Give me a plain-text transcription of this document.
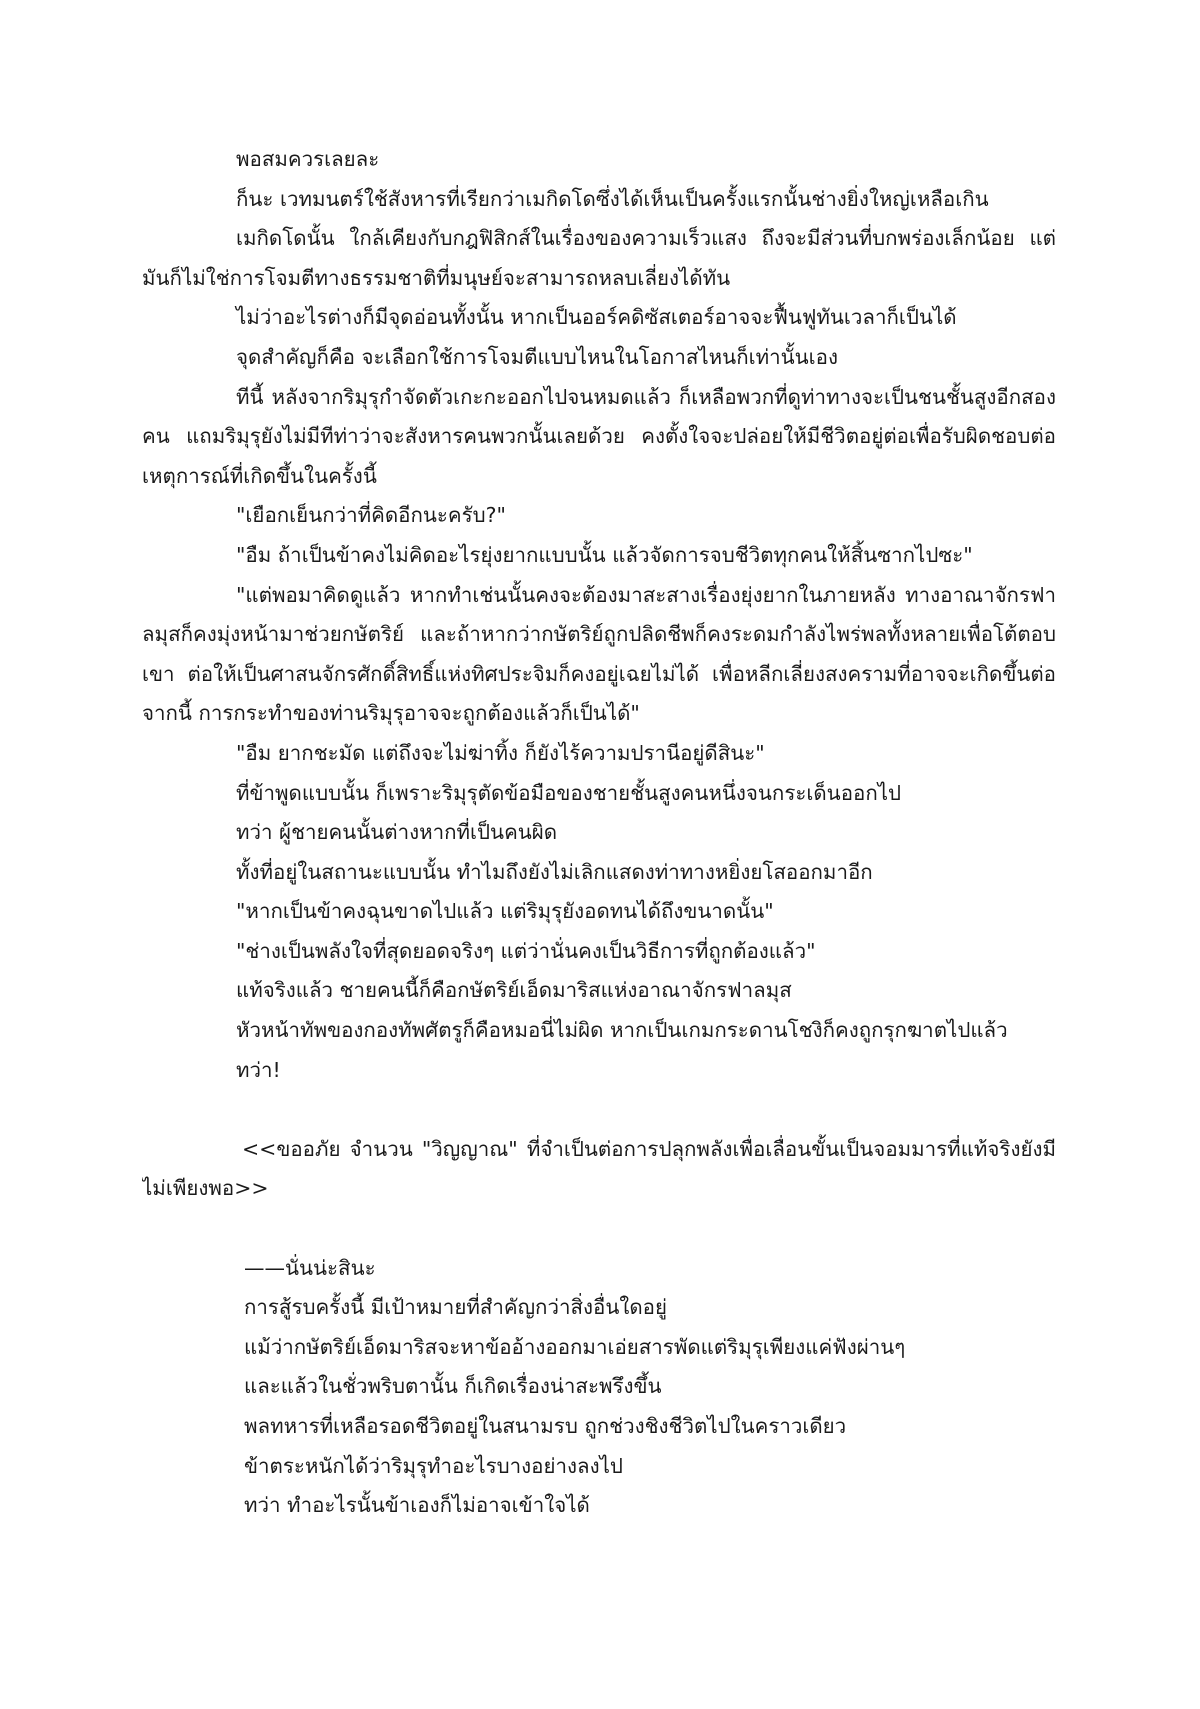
พอสมควรเลยละ

ก็นะ เวทมนตร์ใช้สังหารที่เรียกว่าเมกิดโดซึ่งได้เห็นเป็นครั้งแรกนั้นช่างยิ่งใหญ่เหลือเกิน

เมกิดโดนั้น ใกล้เคียงกับกฎฟิสิกส์ในเรื่องของความเร็วแสง ถึงจะมีส่วนที่บกพร่องเล็กน้อย แต่มันก็ไม่ใช่การโจมตีทางธรรมชาติที่มนุษย์จะสามารถหลบเลี่ยงได้ทัน

ไม่ว่าอะไรต่างก็มีจุดอ่อนทั้งนั้น หากเป็นออร์คดิซัสเตอร์อาจจะฟื้นฟูทันเวลาก็เป็นได้

จุดสำคัญก็คือ จะเลือกใช้การโจมตีแบบไหนในโอกาสไหนก็เท่านั้นเอง

ทีนี้ หลังจากริมุรุกำจัดตัวเกะกะออกไปจนหมดแล้ว ก็เหลือพวกที่ดูท่าทางจะเป็นชนชั้นสูงอีกสองคน แถมริมุรุยังไม่มีทีท่าว่าจะสังหารคนพวกนั้นเลยด้วย คงตั้งใจจะปล่อยให้มีชีวิตอยู่ต่อเพื่อรับผิดชอบต่อเหตุการณ์ที่เกิดขึ้นในครั้งนี้

"เยือกเย็นกว่าที่คิดอีกนะครับ?"

"อืม ถ้าเป็นข้าคงไม่คิดอะไรยุ่งยากแบบนั้น แล้วจัดการจบชีวิตทุกคนให้สิ้นซากไปซะ"

"แต่พอมาคิดดูแล้ว หากทำเช่นนั้นคงจะต้องมาสะสางเรื่องยุ่งยากในภายหลัง ทางอาณาจักรฟาลมุสก็คงมุ่งหน้ามาช่วยกษัตริย์ และถ้าหากว่ากษัตริย์ถูกปลิดชีพก็คงระดมกำลังไพร่พลทั้งหลายเพื่อโต้ตอบเขา ต่อให้เป็นศาสนจักรศักดิ์สิทธิ์แห่งทิศประจิมก็คงอยู่เฉยไม่ได้ เพื่อหลีกเลี่ยงสงครามที่อาจจะเกิดขึ้นต่อจากนี้ การกระทำของท่านริมุรุอาจจะถูกต้องแล้วก็เป็นได้"

"อืม ยากชะมัด แต่ถึงจะไม่ฆ่าทิ้ง ก็ยังไร้ความปรานีอยู่ดีสินะ"

ที่ข้าพูดแบบนั้น ก็เพราะริมุรุตัดข้อมือของชายชั้นสูงคนหนึ่งจนกระเด็นออกไป

ทว่า ผู้ชายคนนั้นต่างหากที่เป็นคนผิด

ทั้งที่อยู่ในสถานะแบบนั้น ทำไมถึงยังไม่เลิกแสดงท่าทางหยิ่งยโสออกมาอีก

"หากเป็นข้าคงฉุนขาดไปแล้ว แต่ริมุรุยังอดทนได้ถึงขนาดนั้น"

"ช่างเป็นพลังใจที่สุดยอดจริงๆ แต่ว่านั่นคงเป็นวิธีการที่ถูกต้องแล้ว"

แท้จริงแล้ว ชายคนนี้ก็คือกษัตริย์เอ็ดมาริสแห่งอาณาจักรฟาลมุส

หัวหน้าทัพของกองทัพศัตรูก็คือหมอนี่ไม่ผิด หากเป็นเกมกระดานโชงิก็คงถูกรุกฆาตไปแล้ว

ทว่า!

<<ขออภัย จำนวน "วิญญาณ" ที่จำเป็นต่อการปลุกพลังเพื่อเลื่อนขั้นเป็นจอมมารที่แท้จริงยังมีไม่เพียงพอ>>

——นั่นน่ะสินะ

การสู้รบครั้งนี้ มีเป้าหมายที่สำคัญกว่าสิ่งอื่นใดอยู่

แม้ว่ากษัตริย์เอ็ดมาริสจะหาข้ออ้างออกมาเอ่ยสารพัดแต่ริมุรุเพียงแค่ฟังผ่านๆ

และแล้วในชั่วพริบตานั้น ก็เกิดเรื่องน่าสะพรึงขึ้น

พลทหารที่เหลือรอดชีวิตอยู่ในสนามรบ ถูกช่วงชิงชีวิตไปในคราวเดียว

ข้าตระหนักได้ว่าริมุรุทำอะไรบางอย่างลงไป

ทว่า ทำอะไรนั้นข้าเองก็ไม่อาจเข้าใจได้
